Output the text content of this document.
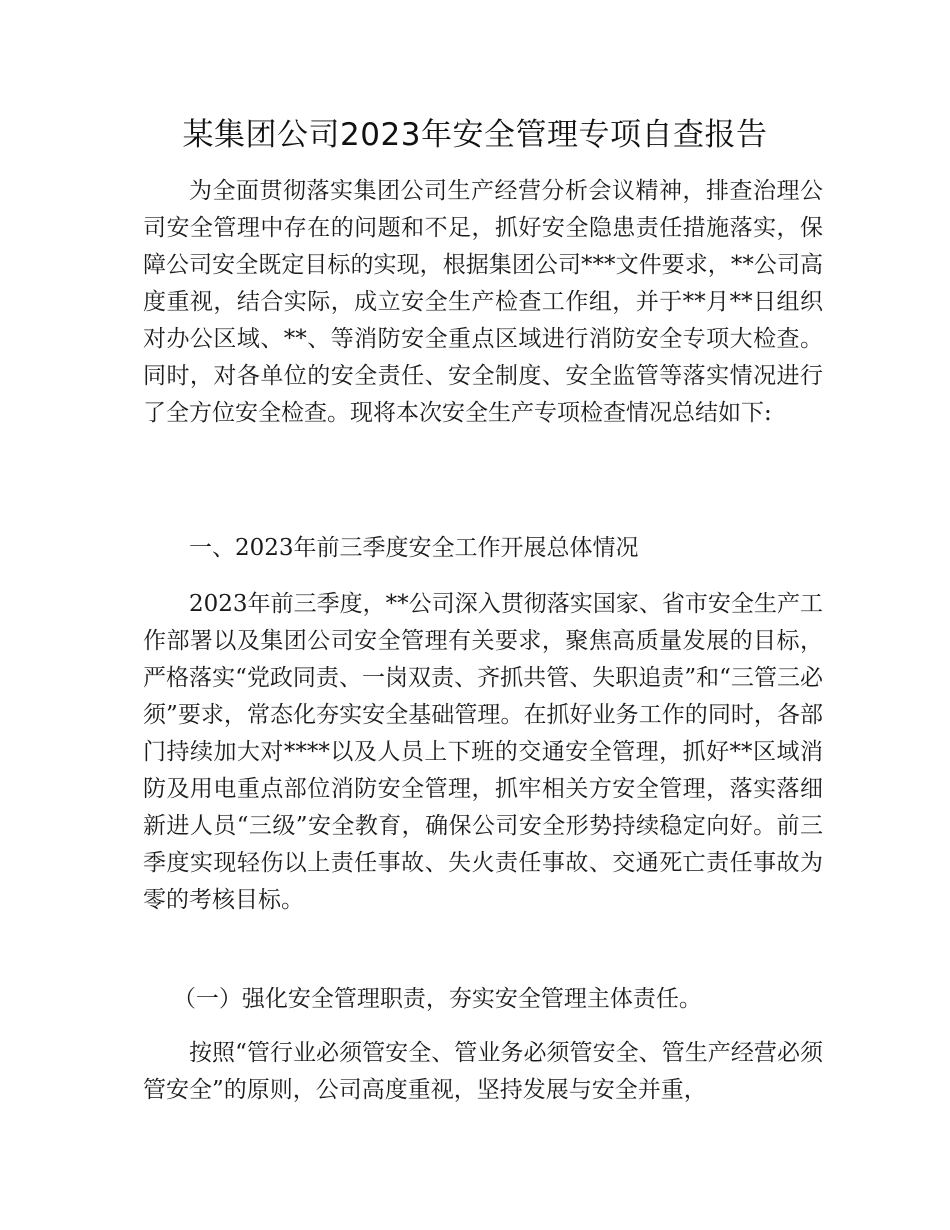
某集团公司2023年安全管理专项自查报告

为全面贯彻落实集团公司生产经营分析会议精神，排查治理公司安全管理中存在的问题和不足，抓好安全隐患责任措施落实，保障公司安全既定目标的实现，根据集团公司***文件要求，**公司高度重视，结合实际，成立安全生产检查工作组，并于**月**日组织对办公区域、**、等消防安全重点区域进行消防安全专项大检查。同时，对各单位的安全责任、安全制度、安全监管等落实情况进行了全方位安全检查。现将本次安全生产专项检查情况总结如下:

一、2023年前三季度安全工作开展总体情况

2023年前三季度，**公司深入贯彻落实国家、省市安全生产工作部署以及集团公司安全管理有关要求，聚焦高质量发展的目标，严格落实“党政同责、一岗双责、齐抓共管、失职追责”和“三管三必须”要求，常态化夯实安全基础管理。在抓好业务工作的同时，各部门持续加大对****以及人员上下班的交通安全管理，抓好**区域消防及用电重点部位消防安全管理，抓牢相关方安全管理，落实落细新进人员“三级”安全教育，确保公司安全形势持续稳定向好。前三季度实现轻伤以上责任事故、失火责任事故、交通死亡责任事故为零的考核目标。

（一）强化安全管理职责，夯实安全管理主体责任。

按照“管行业必须管安全、管业务必须管安全、管生产经营必须管安全”的原则，公司高度重视，坚持发展与安全并重，
